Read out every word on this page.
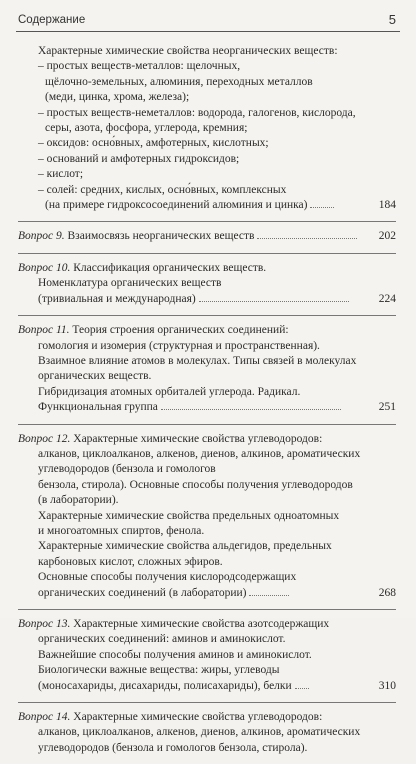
Содержание	5
Характерные химические свойства неорганических веществ:
– простых веществ-металлов: щелочных,
щёлочно-земельных, алюминия, переходных металлов
(меди, цинка, хрома, железа);
– простых веществ-неметаллов: водорода, галогенов, кислорода,
серы, азота, фосфора, углерода, кремния;
– оксидов: осно́вных, амфотерных, кислотных;
– оснований и амфотерных гидроксидов;
– кислот;
– солей: средних, кислых, осно́вных, комплексных
(на примере гидроксосоединений алюминия и цинка)	184
Вопрос 9. Взаимосвязь неорганических веществ	202
Вопрос 10. Классификация органических веществ.
Номенклатура органических веществ
(тривиальная и международная)	224
Вопрос 11. Теория строения органических соединений:
гомология и изомерия (структурная и пространственная).
Взаимное влияние атомов в молекулах. Типы связей в молекулах
органических веществ.
Гибридизация атомных орбиталей углерода. Радикал.
Функциональная группа	251
Вопрос 12. Характерные химические свойства углеводородов:
алканов, циклоалканов, алкенов, диенов, алкинов, ароматических
углеводородов (бензола и гомологов
бензола, стирола). Основные способы получения углеводородов
(в лаборатории).
Характерные химические свойства предельных одноатомных
и многоатомных спиртов, фенола.
Характерные химические свойства альдегидов, предельных
карбоновых кислот, сложных эфиров.
Основные способы получения кислородсодержащих
органических соединений (в лаборатории)	268
Вопрос 13. Характерные химические свойства азотсодержащих
органических соединений: аминов и аминокислот.
Важнейшие способы получения аминов и аминокислот.
Биологически важные вещества: жиры, углеводы
(моносахариды, дисахариды, полисахариды), белки	310
Вопрос 14. Характерные химические свойства углеводородов:
алканов, циклоалканов, алкенов, диенов, алкинов, ароматических
углеводородов (бензола и гомологов бензола, стирола).
